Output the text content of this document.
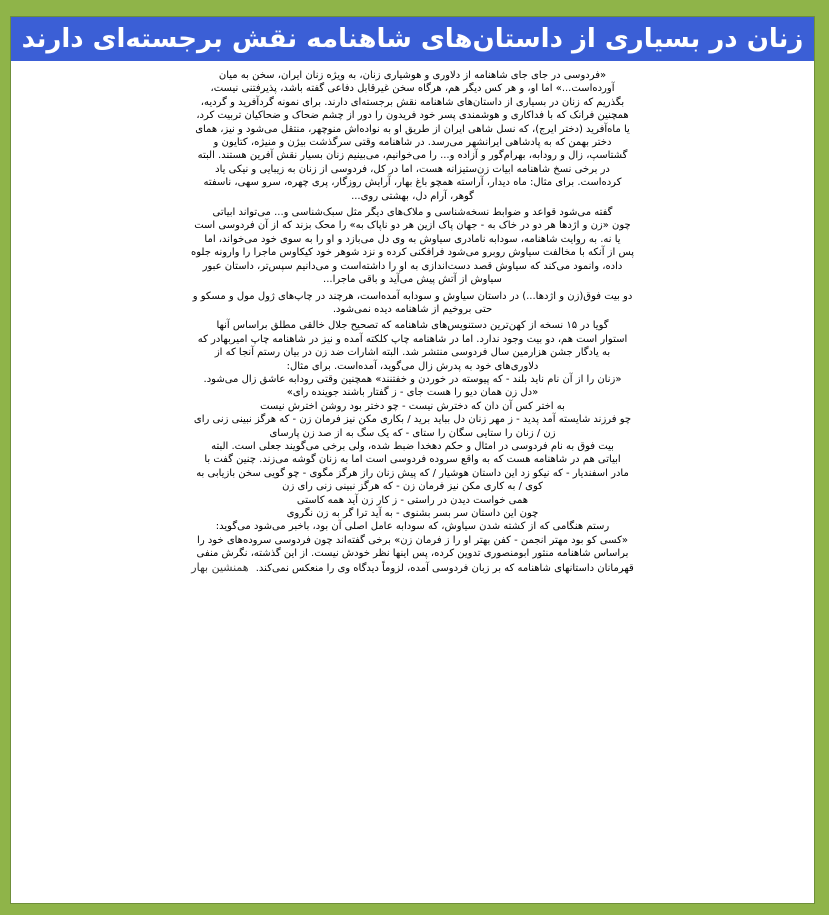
زنان در بسیاری از داستان‌های شاهنامه نقش برجسته‌ای دارند

«فردوسی در جای جای شاهنامه از دلاوری و هوشیاری زنان، به ویژه زنان ایران، سخن به میان

آورده‌است...» اما او، و هر کس دیگر هم، هرگاه سخن غیرقابل دفاعی گفته باشد، پذیرفتنی نیست،

بگذریم که زنان در بسیاری از داستان‌های شاهنامه نقش برجسته‌ای دارند. برای نمونه گردآفرید و گردیه،

همچنین فرانک که با فداکاری و هوشمندی پسر خود فریدون را دور از چشم ضحاک و ضحاکیان تربیت کرد،

یا ماه‌آفرید (دختر ایرج)، که نسل شاهی ایران از طریق او به نواده‌اش منوچهر، منتقل می‌شود و نیز، همای

دختر بهمن که به پادشاهی ایرانشهر می‌رسد. در شاهنامه وقتی سرگذشت بیژن و منیژه، کتایون و

گشتاسپ، زال و رودابه، بهرام‌گور و آزاده و... را می‌خوانیم، می‌بینیم زنان بسیار نقش آفرین هستند. البته

در برخی نسخ شاهنامه ابیات زن‌ستیزانه هست، اما در کل، فردوسی از زنان به زیبایی و نیکی یاد

کرده‌است. برای مثال: ماه دیدار، آراسته همچو باغ بهار، آرایش روزگار، پری چهره، سرو سهی، ناسفته

گوهر، آرام دل، بهشتی روی...

گفته می‌شود قواعد و ضوابط نسخه‌شناسی و ملاک‌های دیگر مثل سبک‌شناسی و... می‌تواند ابیاتی

چون «زن و اژدها هر دو در خاک به - جهان پاک ازین هر دو ناپاک به» را محک بزند که از آن فردوسی است

یا نه. به روایت شاهنامه، سودابه نامادری سیاوش به وی دل می‌بازد و او را به سوی خود می‌خواند، اما

پس از آنکه با مخالفت سیاوش روبرو می‌شود فرافکنی کرده و نزد شوهر خود کیکاوس ماجرا را وارونه جلوه

داده، وانمود می‌کند که سیاوش قصد دست‌اندازی به او را داشته‌است و می‌دانیم سپس‌تر، داستان عبور

سیاوش از آتش پیش می‌آید و باقی ماجرا...

دو بیت فوق(زن و اژدها...) در داستان سیاوش و سودابه آمده‌است، هرچند در چاپ‌های ژول مول و مسکو و

حتی بروخیم از شاهنامه دیده نمی‌شود.

گویا در ۱۵ نسخه از کهن‌ترین دستنویس‌های شاهنامه که تصحیح جلال خالقی مطلق براساس آنها

استوار است هم، دو بیت وجود ندارد. اما در شاهنامه چاپ کلکته آمده و نیز در شاهنامه چاپ امیربهادر که

به یادگار جشن هزارمین سال فردوسی منتشر شد. البته اشارات ضد زن در بیان رستم آنجا که از

دلاوری‌های خود به پدرش زال می‌گوید، آمده‌است. برای مثال:

«زنان را از آن نام ناید بلند - که پیوسته در خوردن و خفتنند» همچنین وقتی رودابه عاشق زال می‌شود.

«دل زن همان دیو را هست جای - ز گفتار باشند جوینده رای»

به اختر کس آن دان که دخترش نیست - چو دختر بود روشن اخترش نیست

چو فرزند شایسته آمد پدید - ز مهر زنان دل بباید برید / بکاری مکن نیز فرمان زن - که هرگز نبینی زنی رای

زن / زنان را ستایی سگان را ستای - که یک سگ به از صد زن پارسای

بیت فوق به نام فردوسی در امثال و حکم دهخدا ضبط شده، ولی برخی می‌گویند جعلی است. البته

ابیاتی هم در شاهنامه هست که به واقع سروده فردوسی است اما به زنان گوشه می‌زند. چنین گفت با

مادر اسفندیار - که نیکو زد این داستان هوشیار / که پیش زنان راز هرگز مگوی - چو گویی سخن بازیابی به

کوی / به کاری مکن نیز فرمان زن - که هرگز نبینی زنی رای زن

همی خواست دیدن در راستی - ز کار زن آید همه کاستی

چون این داستان سر بسر بشنوی - به آید ترا گر به زن نگروی

رستم هنگامی که از کشته شدن سیاوش، که سودابه عامل اصلی آن بود، باخبر می‌شود می‌گوید:

«کسی کو بود مهتر انجمن - کفن بهتر او را ز فرمان زن» برخی گفته‌اند چون فردوسی سروده‌های خود را

براساس شاهنامه منثور ابومنصوری تدوین کرده، پس اینها نظر خودش نیست. از این گذشته، نگرش منفی

قهرمانان داستانهای شاهنامه که بر زبان فردوسی آمده، لزوماً دیدگاه وی را منعکس نمی‌کند. همنشین بهار
